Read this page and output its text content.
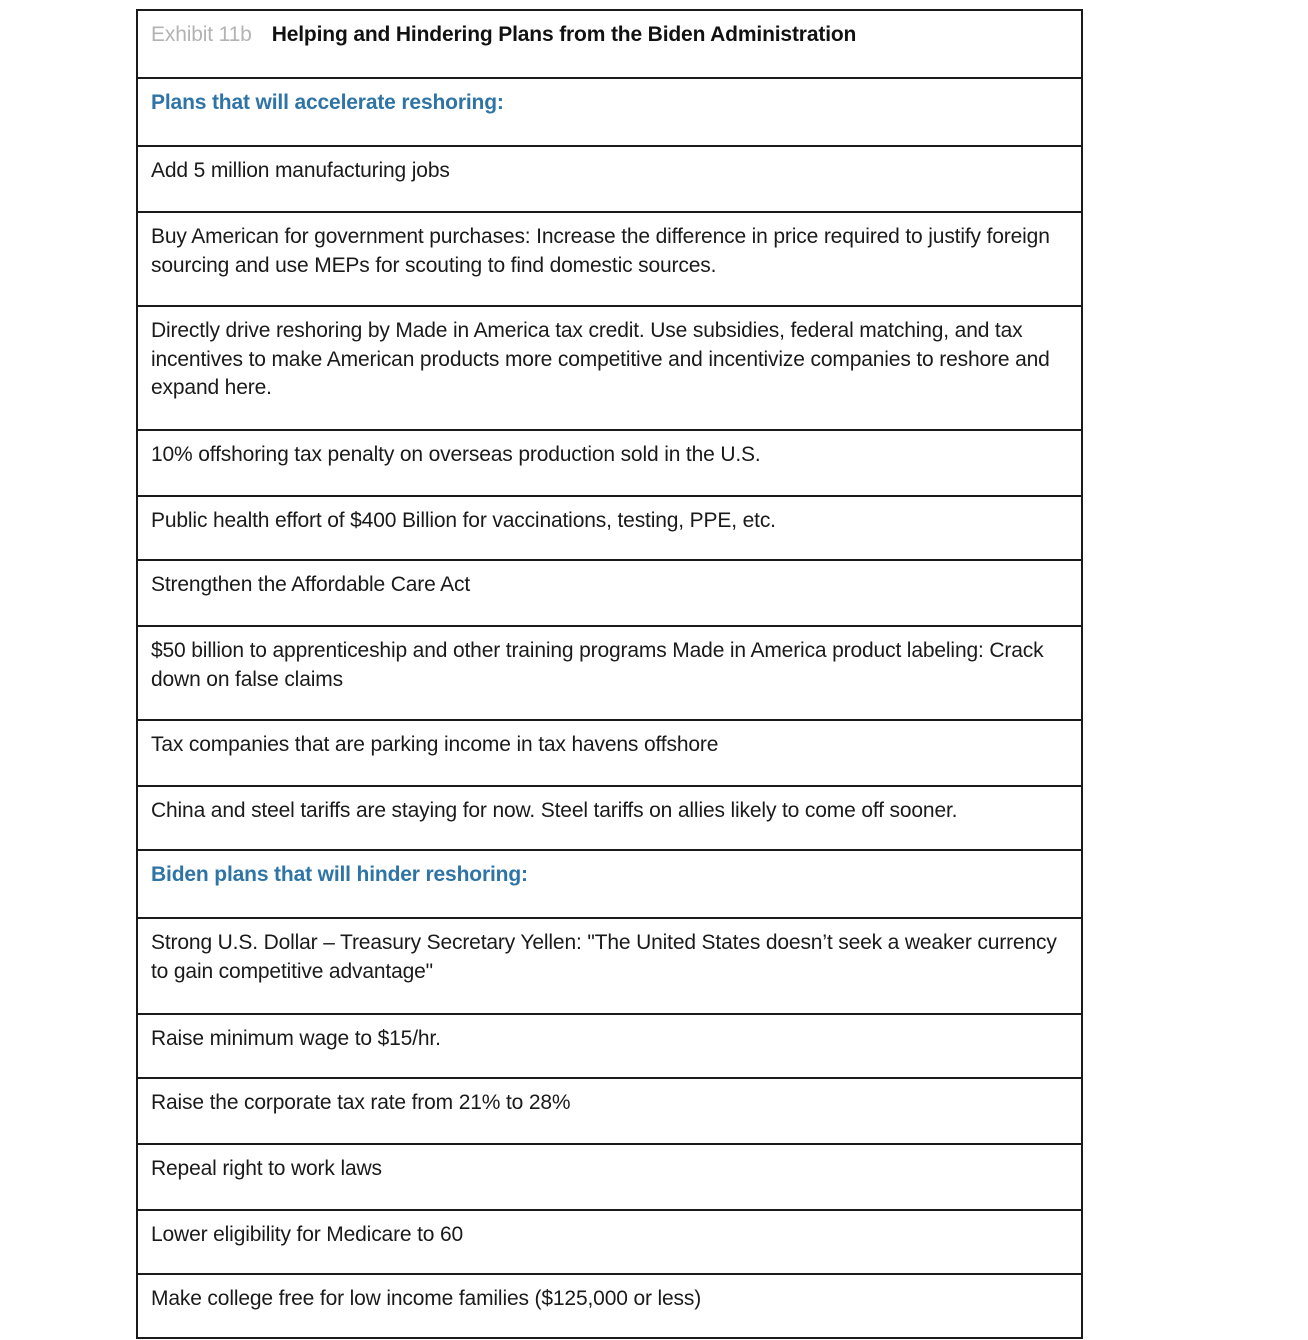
Exhibit 11b Helping and Hindering Plans from the Biden Administration
Plans that will accelerate reshoring:

Add 5 million manufacturing jobs

Buy American for government purchases: Increase the difference in price required to justify foreign sourcing and use MEPs for scouting to find domestic sources.

Directly drive reshoring by Made in America tax credit. Use subsidies, federal matching, and tax incentives to make American products more competitive and incentivize companies to reshore and expand here.

10% offshoring tax penalty on overseas production sold in the U.S.

Public health effort of $400 Billion for vaccinations, testing, PPE, etc.

Strengthen the Affordable Care Act

$50 billion to apprenticeship and other training programs Made in America product labeling: Crack down on false claims

Tax companies that are parking income in tax havens offshore

China and steel tariffs are staying for now. Steel tariffs on allies likely to come off sooner.

Biden plans that will hinder reshoring:

Strong U.S. Dollar – Treasury Secretary Yellen: "The United States doesn’t seek a weaker currency to gain competitive advantage"

Raise minimum wage to $15/hr.

Raise the corporate tax rate from 21% to 28%

Repeal right to work laws

Lower eligibility for Medicare to 60

Make college free for low income families ($125,000 or less)
